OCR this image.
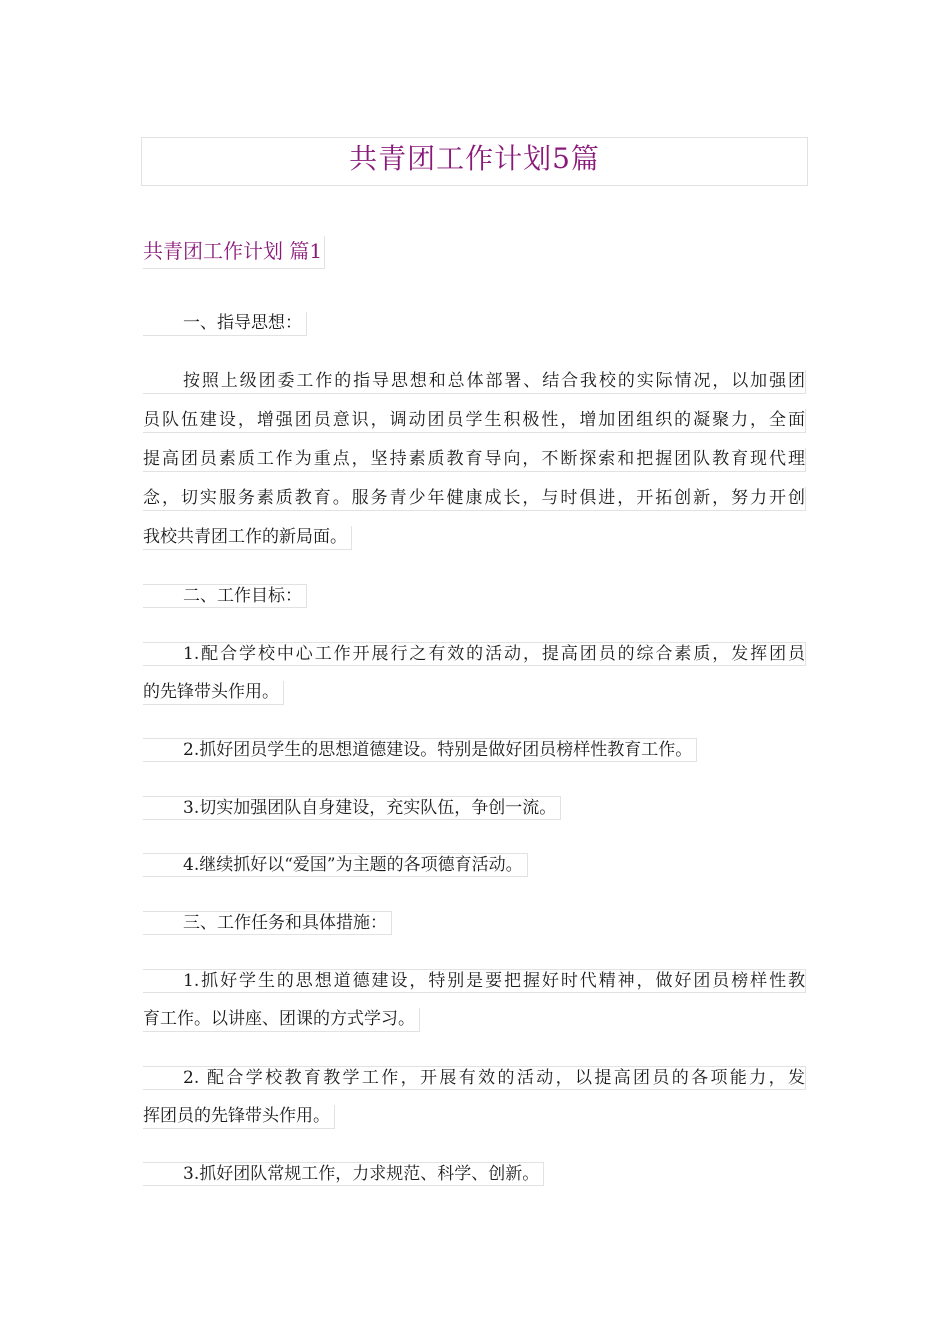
共青团工作计划5篇
共青团工作计划 篇1
一、指导思想：
按照上级团委工作的指导思想和总体部署、结合我校的实际情况，以加强团
员队伍建设，增强团员意识，调动团员学生积极性，增加团组织的凝聚力，全面
提高团员素质工作为重点，坚持素质教育导向，不断探索和把握团队教育现代理
念，切实服务素质教育。服务青少年健康成长，与时俱进，开拓创新，努力开创
我校共青团工作的新局面。
二、工作目标：
1.配合学校中心工作开展行之有效的活动，提高团员的综合素质，发挥团员
的先锋带头作用。
2.抓好团员学生的思想道德建设。特别是做好团员榜样性教育工作。
3.切实加强团队自身建设，充实队伍，争创一流。
4.继续抓好以“爱国”为主题的各项德育活动。
三、工作任务和具体措施：
1.抓好学生的思想道德建设，特别是要把握好时代精神，做好团员榜样性教
育工作。以讲座、团课的方式学习。
2. 配合学校教育教学工作，开展有效的活动，以提高团员的各项能力，发
挥团员的先锋带头作用。
3.抓好团队常规工作，力求规范、科学、创新。
